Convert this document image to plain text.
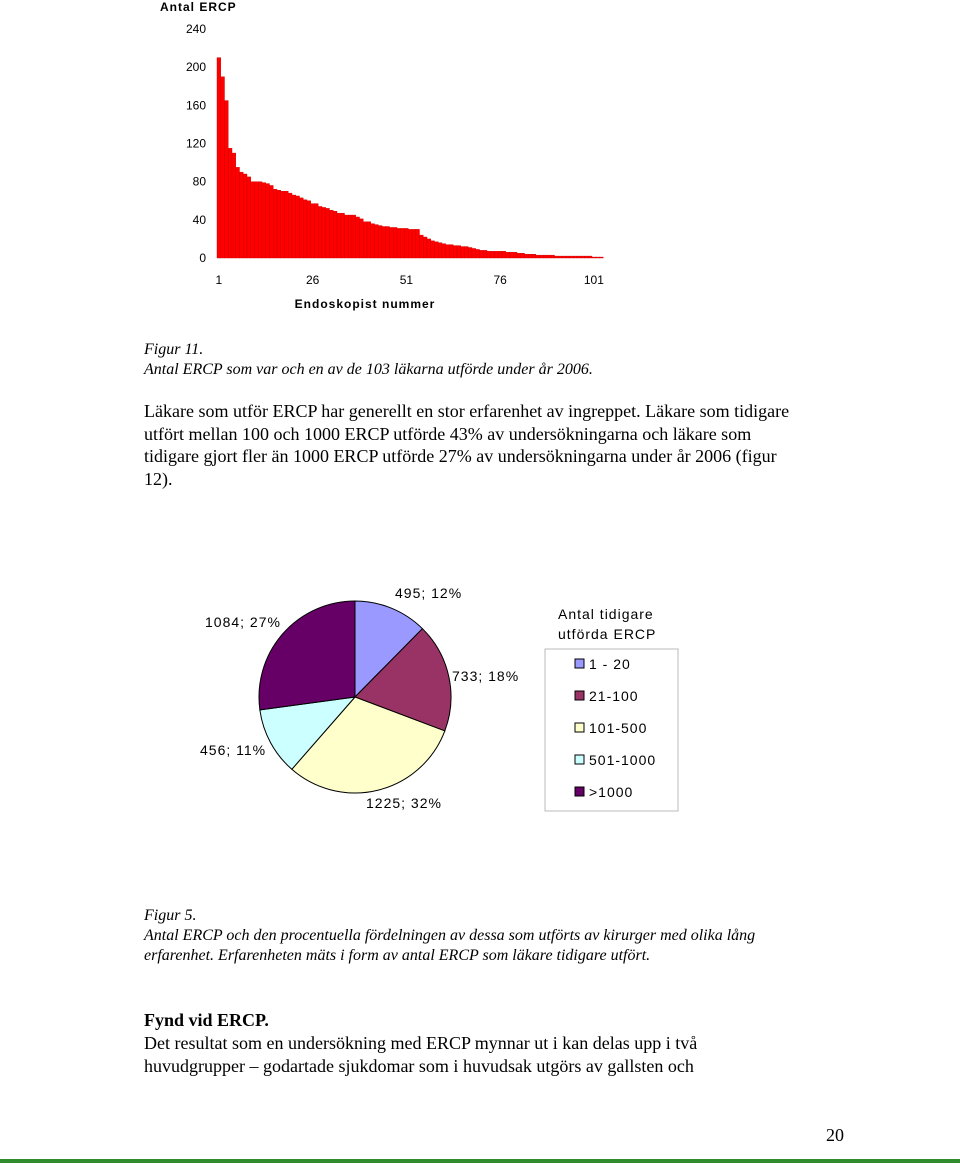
Antal ERCP
240
200
160
120
80
40
0
1	26	51	76	101
Endoskopist nummer

Figur 11.

Antal ERCP som var och en av de 103 läkarna utförde under år 2006.

Läkare som utför ERCP har generellt en stor erfarenhet av ingreppet. Läkare som tidigare
utfört mellan 100 och 1000 ERCP utförde 43% av undersökningarna och läkare som
tidigare gjort fler än 1000 ERCP utförde 27% av undersökningarna under år 2006 (figur
12).
495; 12%
733; 18%
1225; 32%
456; 11%
1084; 27%	Antal tidigare
utförda ERCP
1 - 20
21-100
101-500
501-1000
>1000

Figur 5.

Antal ERCP och den procentuella fördelningen av dessa som utförts av kirurger med olika lång

erfarenhet. Erfarenheten mäts i form av antal ERCP som läkare tidigare utfört.

Fynd vid ERCP.
Det resultat som en undersökning med ERCP mynnar ut i kan delas upp i två
huvudgrupper – godartade sjukdomar som i huvudsak utgörs av gallsten och
20
